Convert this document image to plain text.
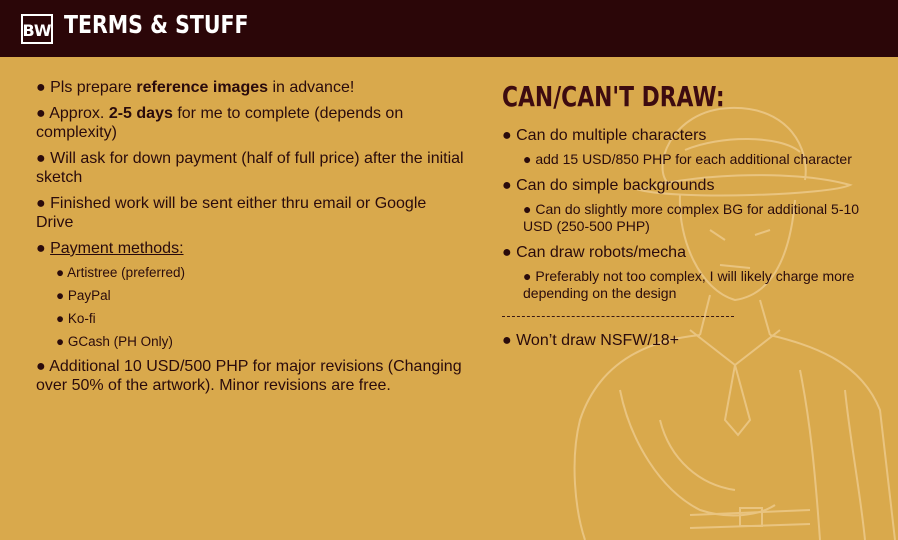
BW TERMS & STUFF

● Pls prepare reference images in advance!

● Approx. 2-5 days for me to complete (depends on complexity)

● Will ask for down payment (half of full price) after the initial sketch

● Finished work will be sent either thru email or Google Drive

● Payment methods:

● Artistree (preferred)
● PayPal
● Ko-fi
● GCash (PH Only)

● Additional 10 USD/500 PHP for major revisions (Changing over 50% of the artwork). Minor revisions are free.

CAN/CAN'T DRAW:
● Can do multiple characters
● add 15 USD/850 PHP for each additional character
● Can do simple backgrounds
● Can do slightly more complex BG for additional 5-10 USD (250-500 PHP)
● Can draw robots/mecha
● Preferably not too complex, I will likely charge more depending on the design
● Won’t draw NSFW/18+
